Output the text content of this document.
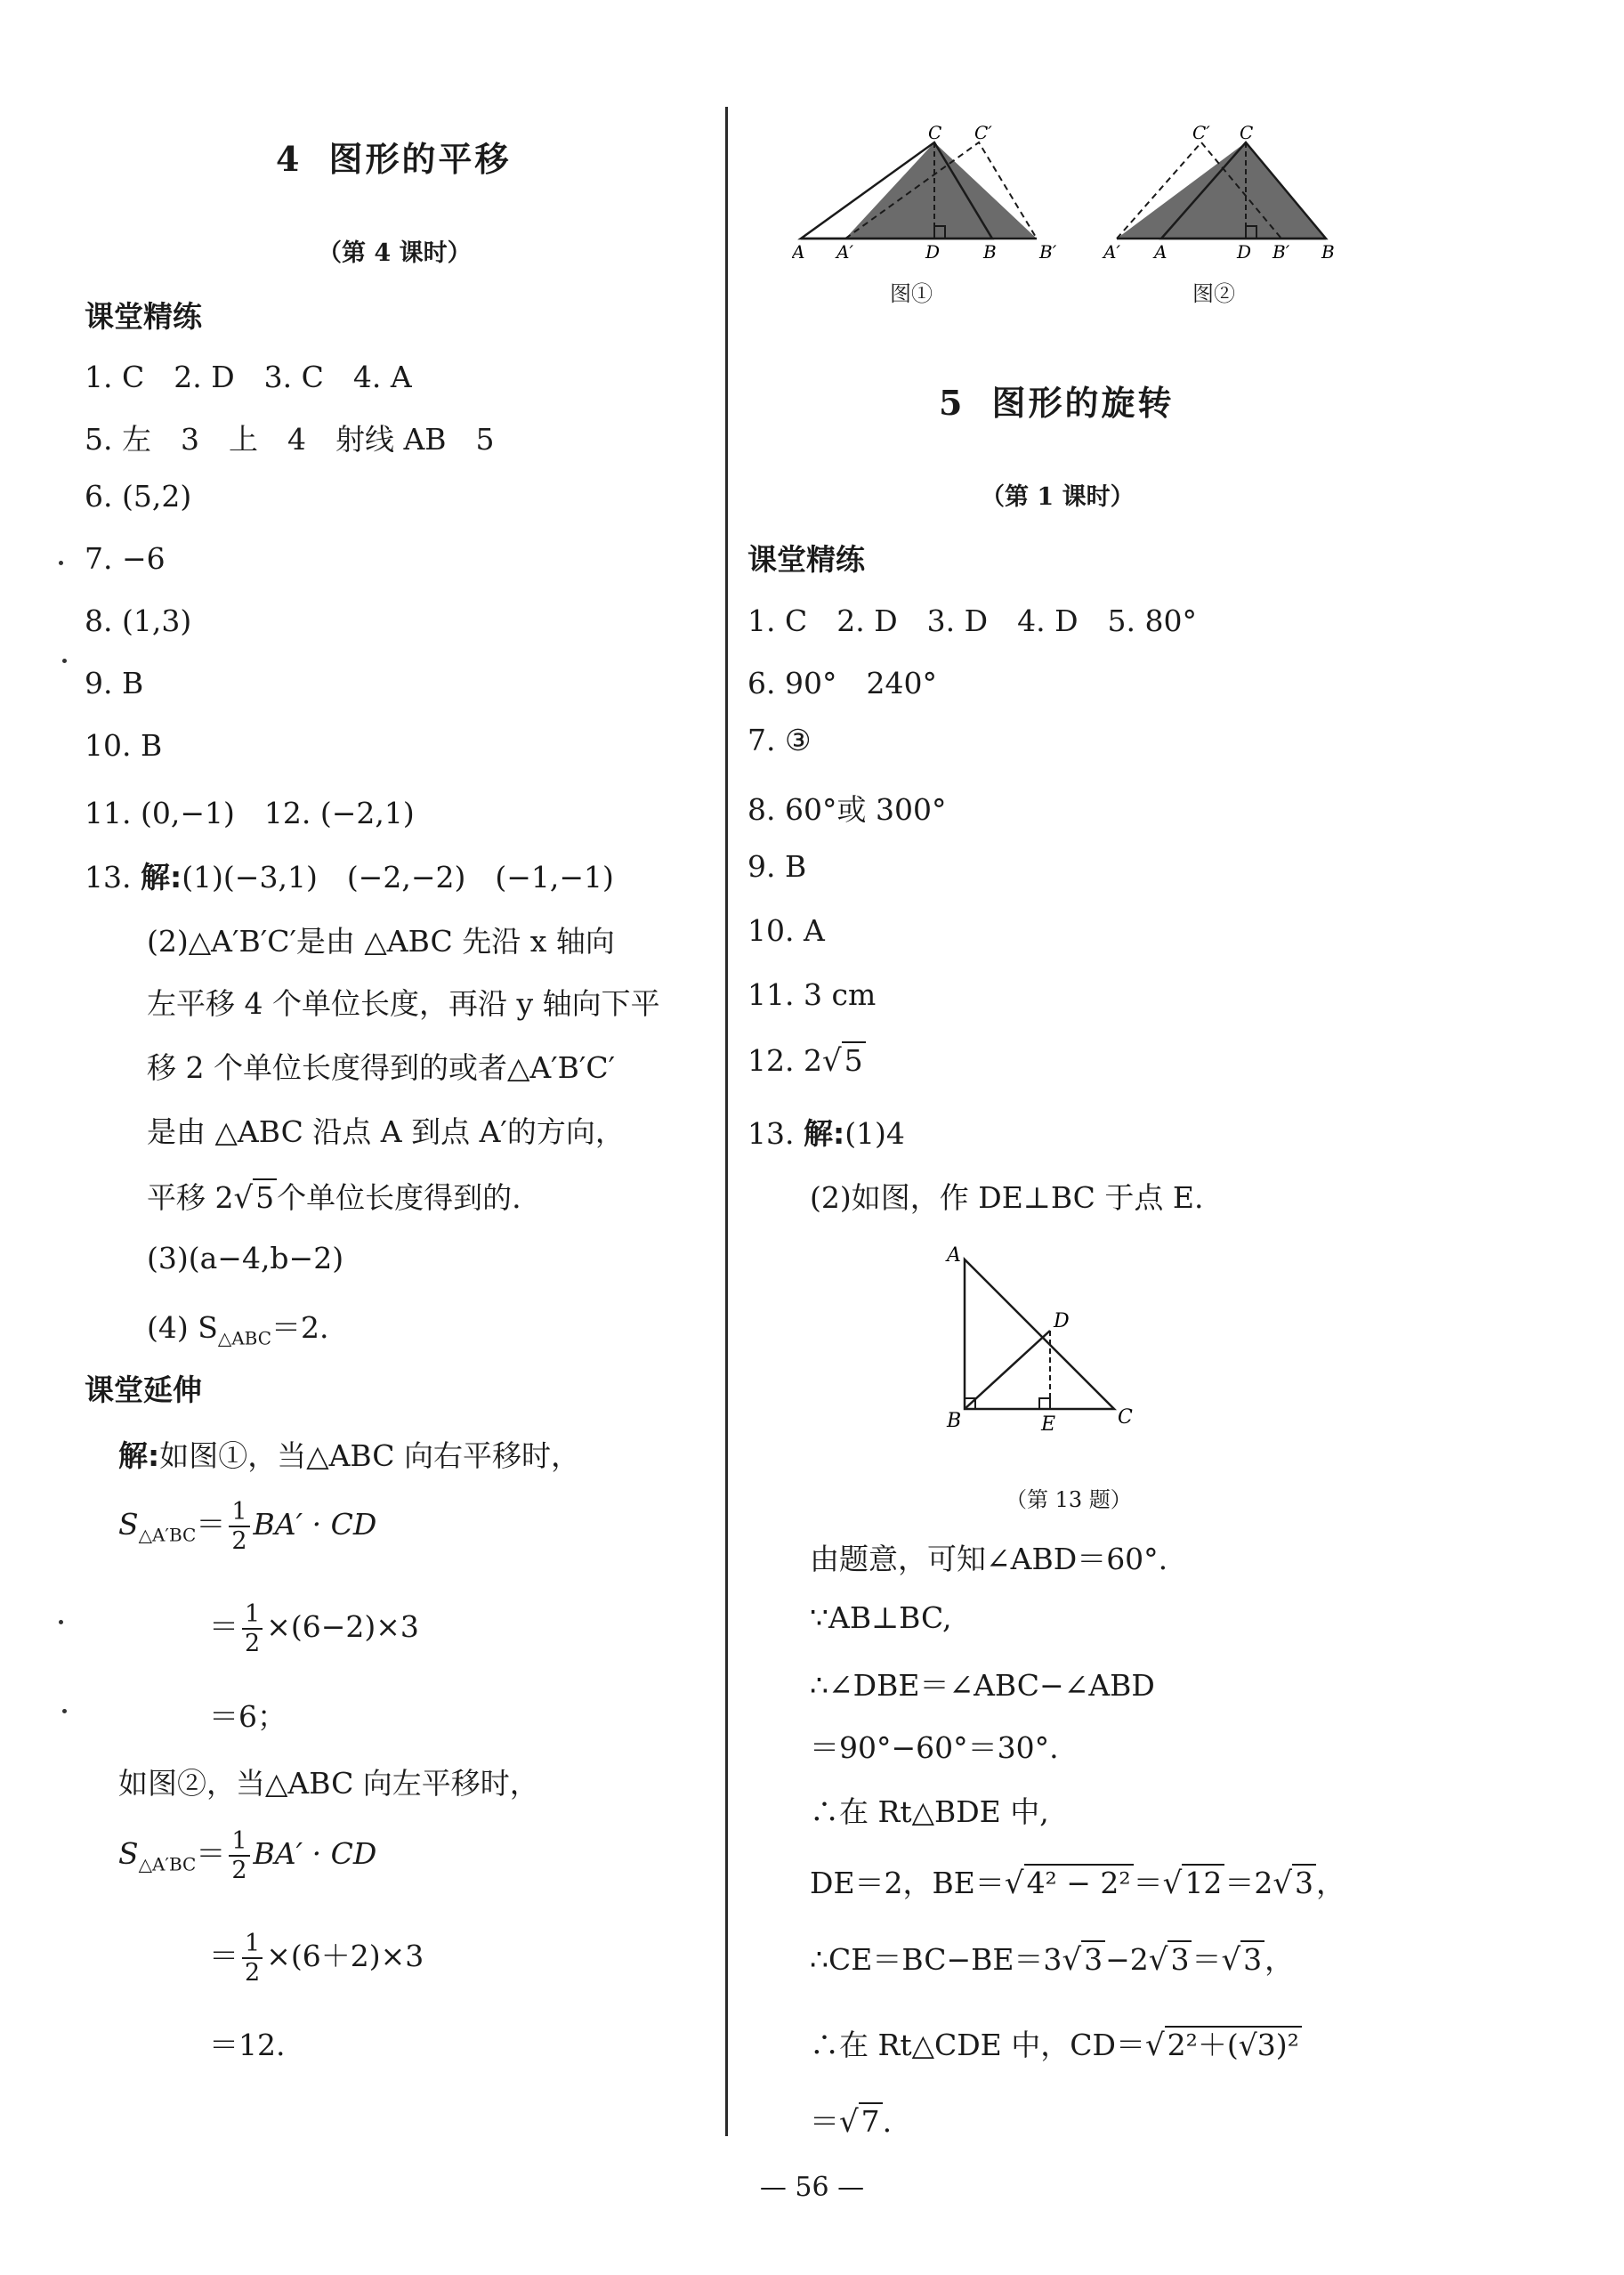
4 图形的平移
（第 4 课时）
课堂精练
1. C　2. D　3. C　4. A
5. 左　3　上　4　射线 AB　5
6. (5,2)
7. −6
8. (1,3)
9. B
10. B
11. (0,−1)　12. (−2,1)
13. 解:(1)(−3,1)　(−2,−2)　(−1,−1)
(2)△A′B′C′是由 △ABC 先沿 x 轴向
左平移 4 个单位长度，再沿 y 轴向下平
移 2 个单位长度得到的或者△A′B′C′
是由 △ABC 沿点 A 到点 A′的方向，
平移 2√5个单位长度得到的.
(3)(a−4,b−2)
(4) $S_{\triangle ABC}=2$.
课堂延伸
解:如图①，当△ABC 向右平移时，
$S_{\triangle A'BC}= \frac{1}{2} BA'$ · CD
＝ $\frac{1}{2} \times(6-2)\times 3$
＝6；
如图②，当△ABC 向左平移时，
$S_{\triangle A'BC}= \frac{1}{2} BA'$ · CD
＝ $\frac{1}{2} \times(6+2)\times 3$
＝12.
C C′
A A′	D B B′
图①
C′ C
A′ A	D B′ B
图②
5 图形的旋转
（第 1 课时）
课堂精练
1. C　2. D　3. D　4. D　5. 80°
6. 90°　240°
7. ③
8. 60°或 300°
9. B
10. A
11. 3 cm
12. 2√5
13. 解:(1)4
(2)如图，作 DE⊥BC 于点 E.
A
B	C
D
E
（第 13 题）
由题意，可知∠ABD＝60°.
∵AB⊥BC,
∴∠DBE＝∠ABC−∠ABD
＝90°−60°＝30°.
∴在 Rt△BDE 中,
DE＝2，BE＝√4² − 2²＝√12＝2√3，
∴CE＝BC−BE＝3√3−2√3＝√3，
∴在 Rt△CDE 中，CD＝√2²＋(√3)²
＝√7.
— 56 —
